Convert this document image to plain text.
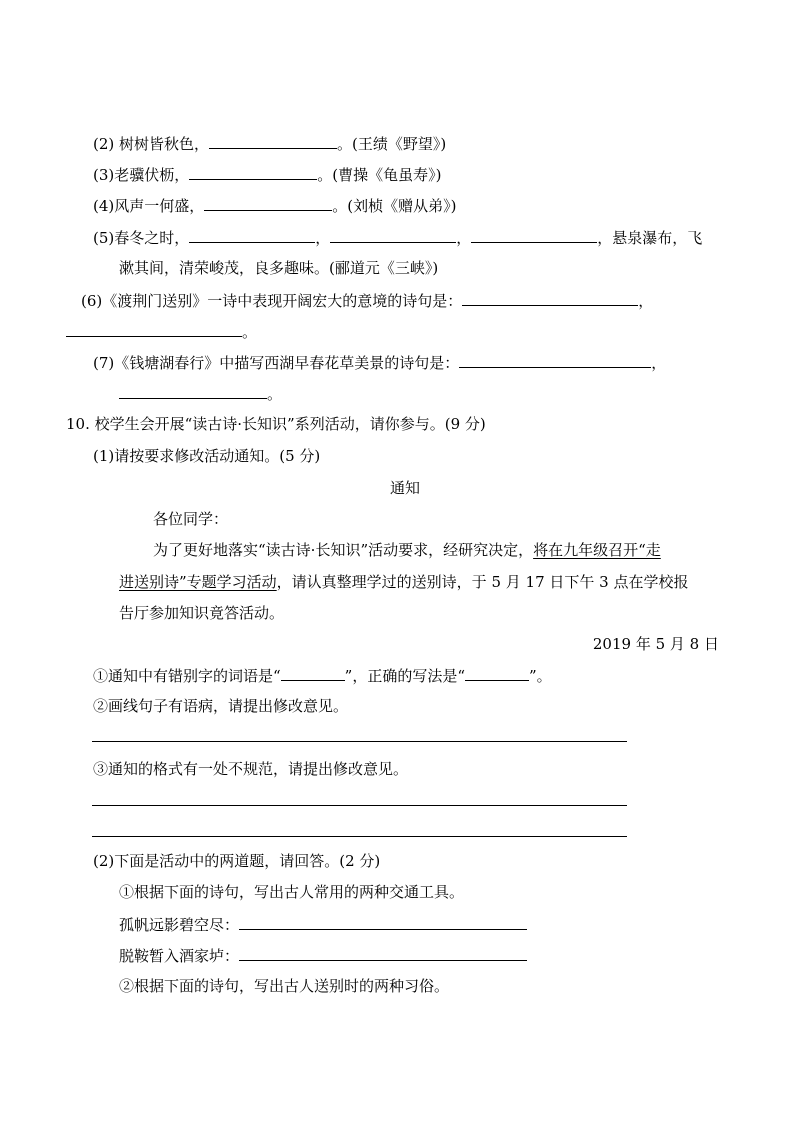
(2) 树树皆秋色，	。(王绩《野望》)
(3)老骥伏枥，	。(曹操《龟虽寿》)
(4)风声一何盛，	。(刘桢《赠从弟》)
(5)春冬之时，	，	，	，悬泉瀑布，飞
漱其间，清荣峻茂，良多趣味。(郦道元《三峡》)
(6)《渡荆门送别》一诗中表现开阔宏大的意境的诗句是：	，
。
(7)《钱塘湖春行》中描写西湖早春花草美景的诗句是：	，
。
10. 校学生会开展“读古诗·长知识”系列活动，请你参与。(9 分)
(1)请按要求修改活动通知。(5 分)
通知
各位同学：
为了更好地落实“读古诗·长知识”活动要求，经研究决定，将在九年级召开“走
进送别诗”专题学习活动，请认真整理学过的送别诗，于 5 月 17 日下午 3 点在学校报
告厅参加知识竟答活动。
2019 年 5 月 8 日
①通知中有错别字的词语是“	”，正确的写法是“	”。
②画线句子有语病，请提出修改意见。
③通知的格式有一处不规范，请提出修改意见。
(2)下面是活动中的两道题，请回答。(2 分)
①根据下面的诗句，写出古人常用的两种交通工具。
孤帆远影碧空尽：
脱鞍暂入酒家垆：
②根据下面的诗句，写出古人送别时的两种习俗。
